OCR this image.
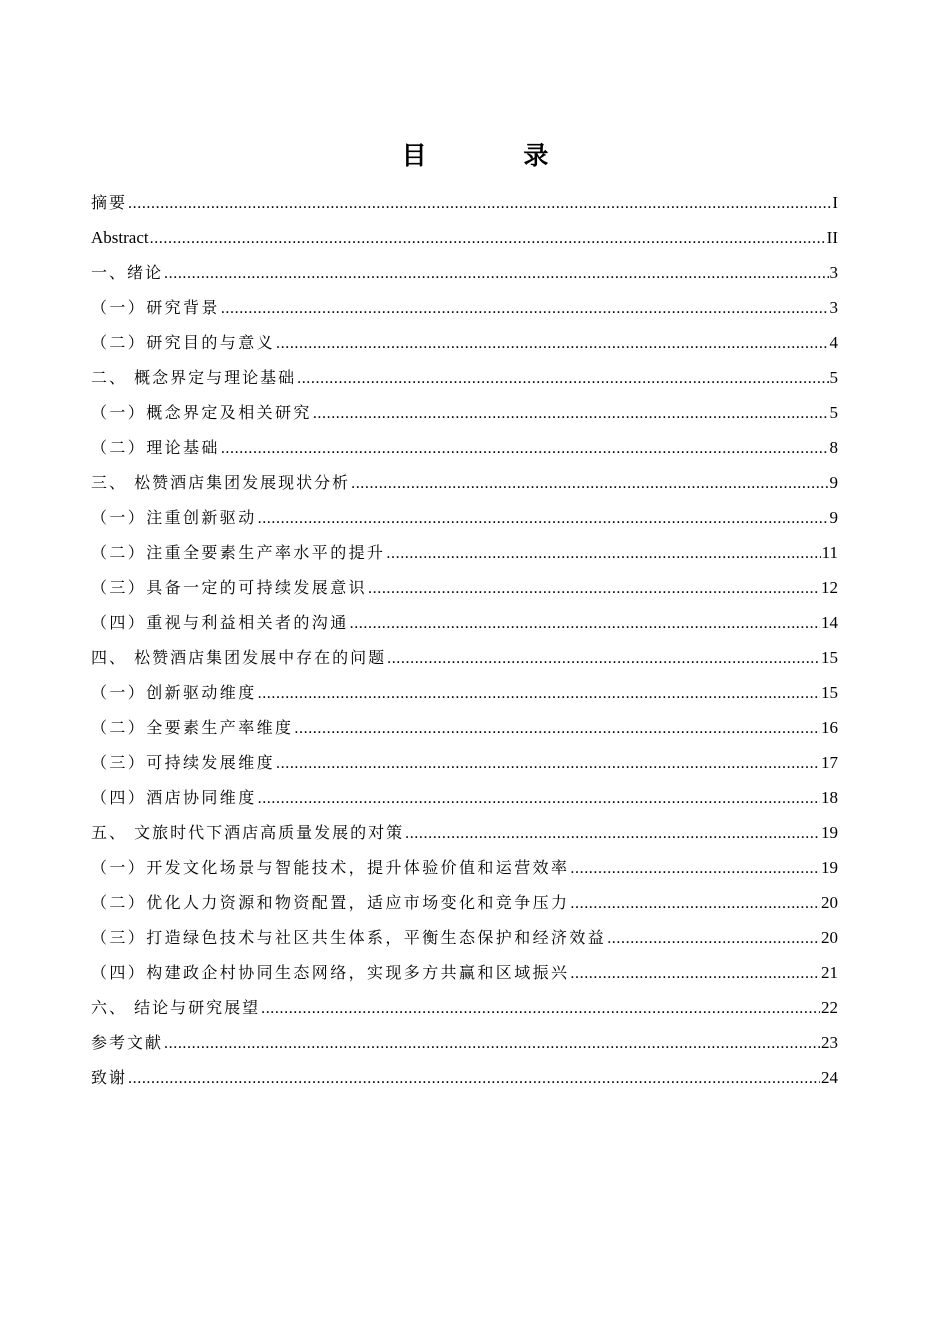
目 录
摘要 .....	I
Abstract .....	II
一、绪论 .....	3
（一）研究背景 .....	3
（二）研究目的与意义 .....	4
二、 概念界定与理论基础 .....	5
（一）概念界定及相关研究 .....	5
（二）理论基础 .....	8
三、 松赞酒店集团发展现状分析 .....	9
（一）注重创新驱动 .....	9
（二）注重全要素生产率水平的提升 .....	11
（三）具备一定的可持续发展意识 .....	12
（四）重视与利益相关者的沟通 .....	14
四、 松赞酒店集团发展中存在的问题 .....	15
（一）创新驱动维度 .....	15
（二）全要素生产率维度 .....	16
（三）可持续发展维度 .....	17
（四）酒店协同维度 .....	18
五、 文旅时代下酒店高质量发展的对策 .....	19
（一）开发文化场景与智能技术，提升体验价值和运营效率 .....	19
（二）优化人力资源和物资配置，适应市场变化和竞争压力 .....	20
（三）打造绿色技术与社区共生体系，平衡生态保护和经济效益 .....	20
（四）构建政企村协同生态网络，实现多方共赢和区域振兴 .....	21
六、 结论与研究展望 .....	22
参考文献 .....	23
致谢 .....	24
